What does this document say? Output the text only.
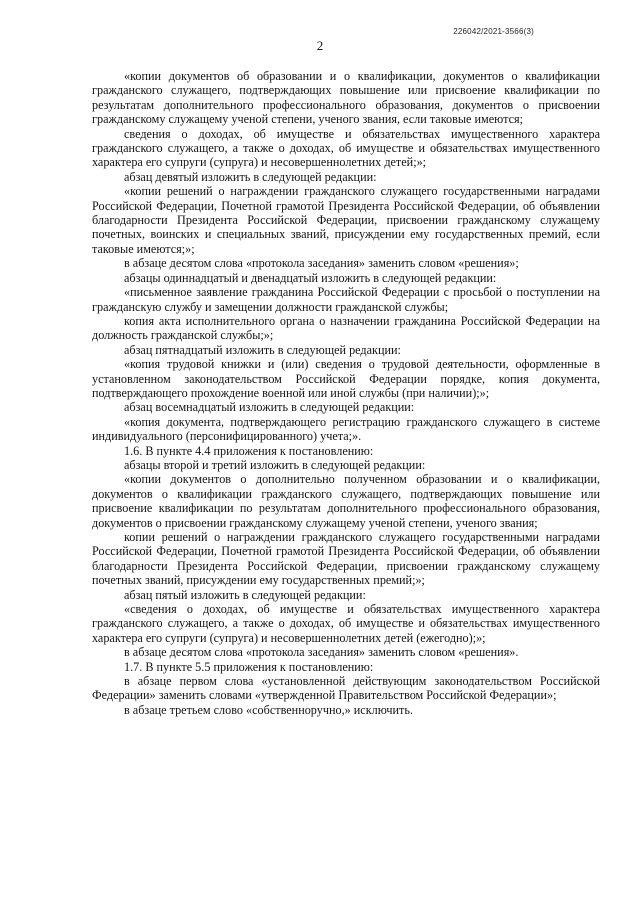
226042/2021-3566(3)
2

«копии документов об образовании и о квалификации, документов о квалификации гражданского служащего, подтверждающих повышение или присвоение квалификации по результатам дополнительного профессионального образования, документов о присвоении гражданскому служащему ученой степени, ученого звания, если таковые имеются;

сведения о доходах, об имуществе и обязательствах имущественного характера гражданского служащего, а также о доходах, об имуществе и обязательствах имущественного характера его супруги (супруга) и несовершеннолетних детей;»;

абзац девятый изложить в следующей редакции:

«копии решений о награждении гражданского служащего государственными наградами Российской Федерации, Почетной грамотой Президента Российской Федерации, об объявлении благодарности Президента Российской Федерации, присвоении гражданскому служащему почетных, воинских и специальных званий, присуждении ему государственных премий, если таковые имеются;»;

в абзаце десятом слова «протокола заседания» заменить словом «решения»;

абзацы одиннадцатый и двенадцатый изложить в следующей редакции:

«письменное заявление гражданина Российской Федерации с просьбой о поступлении на гражданскую службу и замещении должности гражданской службы;

копия акта исполнительного органа о назначении гражданина Российской Федерации на должность гражданской службы;»;

абзац пятнадцатый изложить в следующей редакции:

«копия трудовой книжки и (или) сведения о трудовой деятельности, оформленные в установленном законодательством Российской Федерации порядке, копия документа, подтверждающего прохождение военной или иной службы (при наличии);»;

абзац восемнадцатый изложить в следующей редакции:

«копия документа, подтверждающего регистрацию гражданского служащего в системе индивидуального (персонифицированного) учета;».

1.6. В пункте 4.4 приложения к постановлению:

абзацы второй и третий изложить в следующей редакции:

«копии документов о дополнительно полученном образовании и о квалификации, документов о квалификации гражданского служащего, подтверждающих повышение или присвоение квалификации по результатам дополнительного профессионального образования, документов о присвоении гражданскому служащему ученой степени, ученого звания;

копии решений о награждении гражданского служащего государственными наградами Российской Федерации, Почетной грамотой Президента Российской Федерации, об объявлении благодарности Президента Российской Федерации, присвоении гражданскому служащему почетных званий, присуждении ему государственных премий;»;

абзац пятый изложить в следующей редакции:

«сведения о доходах, об имуществе и обязательствах имущественного характера гражданского служащего, а также о доходах, об имуществе и обязательствах имущественного характера его супруги (супруга) и несовершеннолетних детей (ежегодно);»;

в абзаце десятом слова «протокола заседания» заменить словом «решения».

1.7. В пункте 5.5 приложения к постановлению:

в абзаце первом слова «установленной действующим законодательством Российской Федерации» заменить словами «утвержденной Правительством Российской Федерации»;

в абзаце третьем слово «собственноручно,» исключить.
